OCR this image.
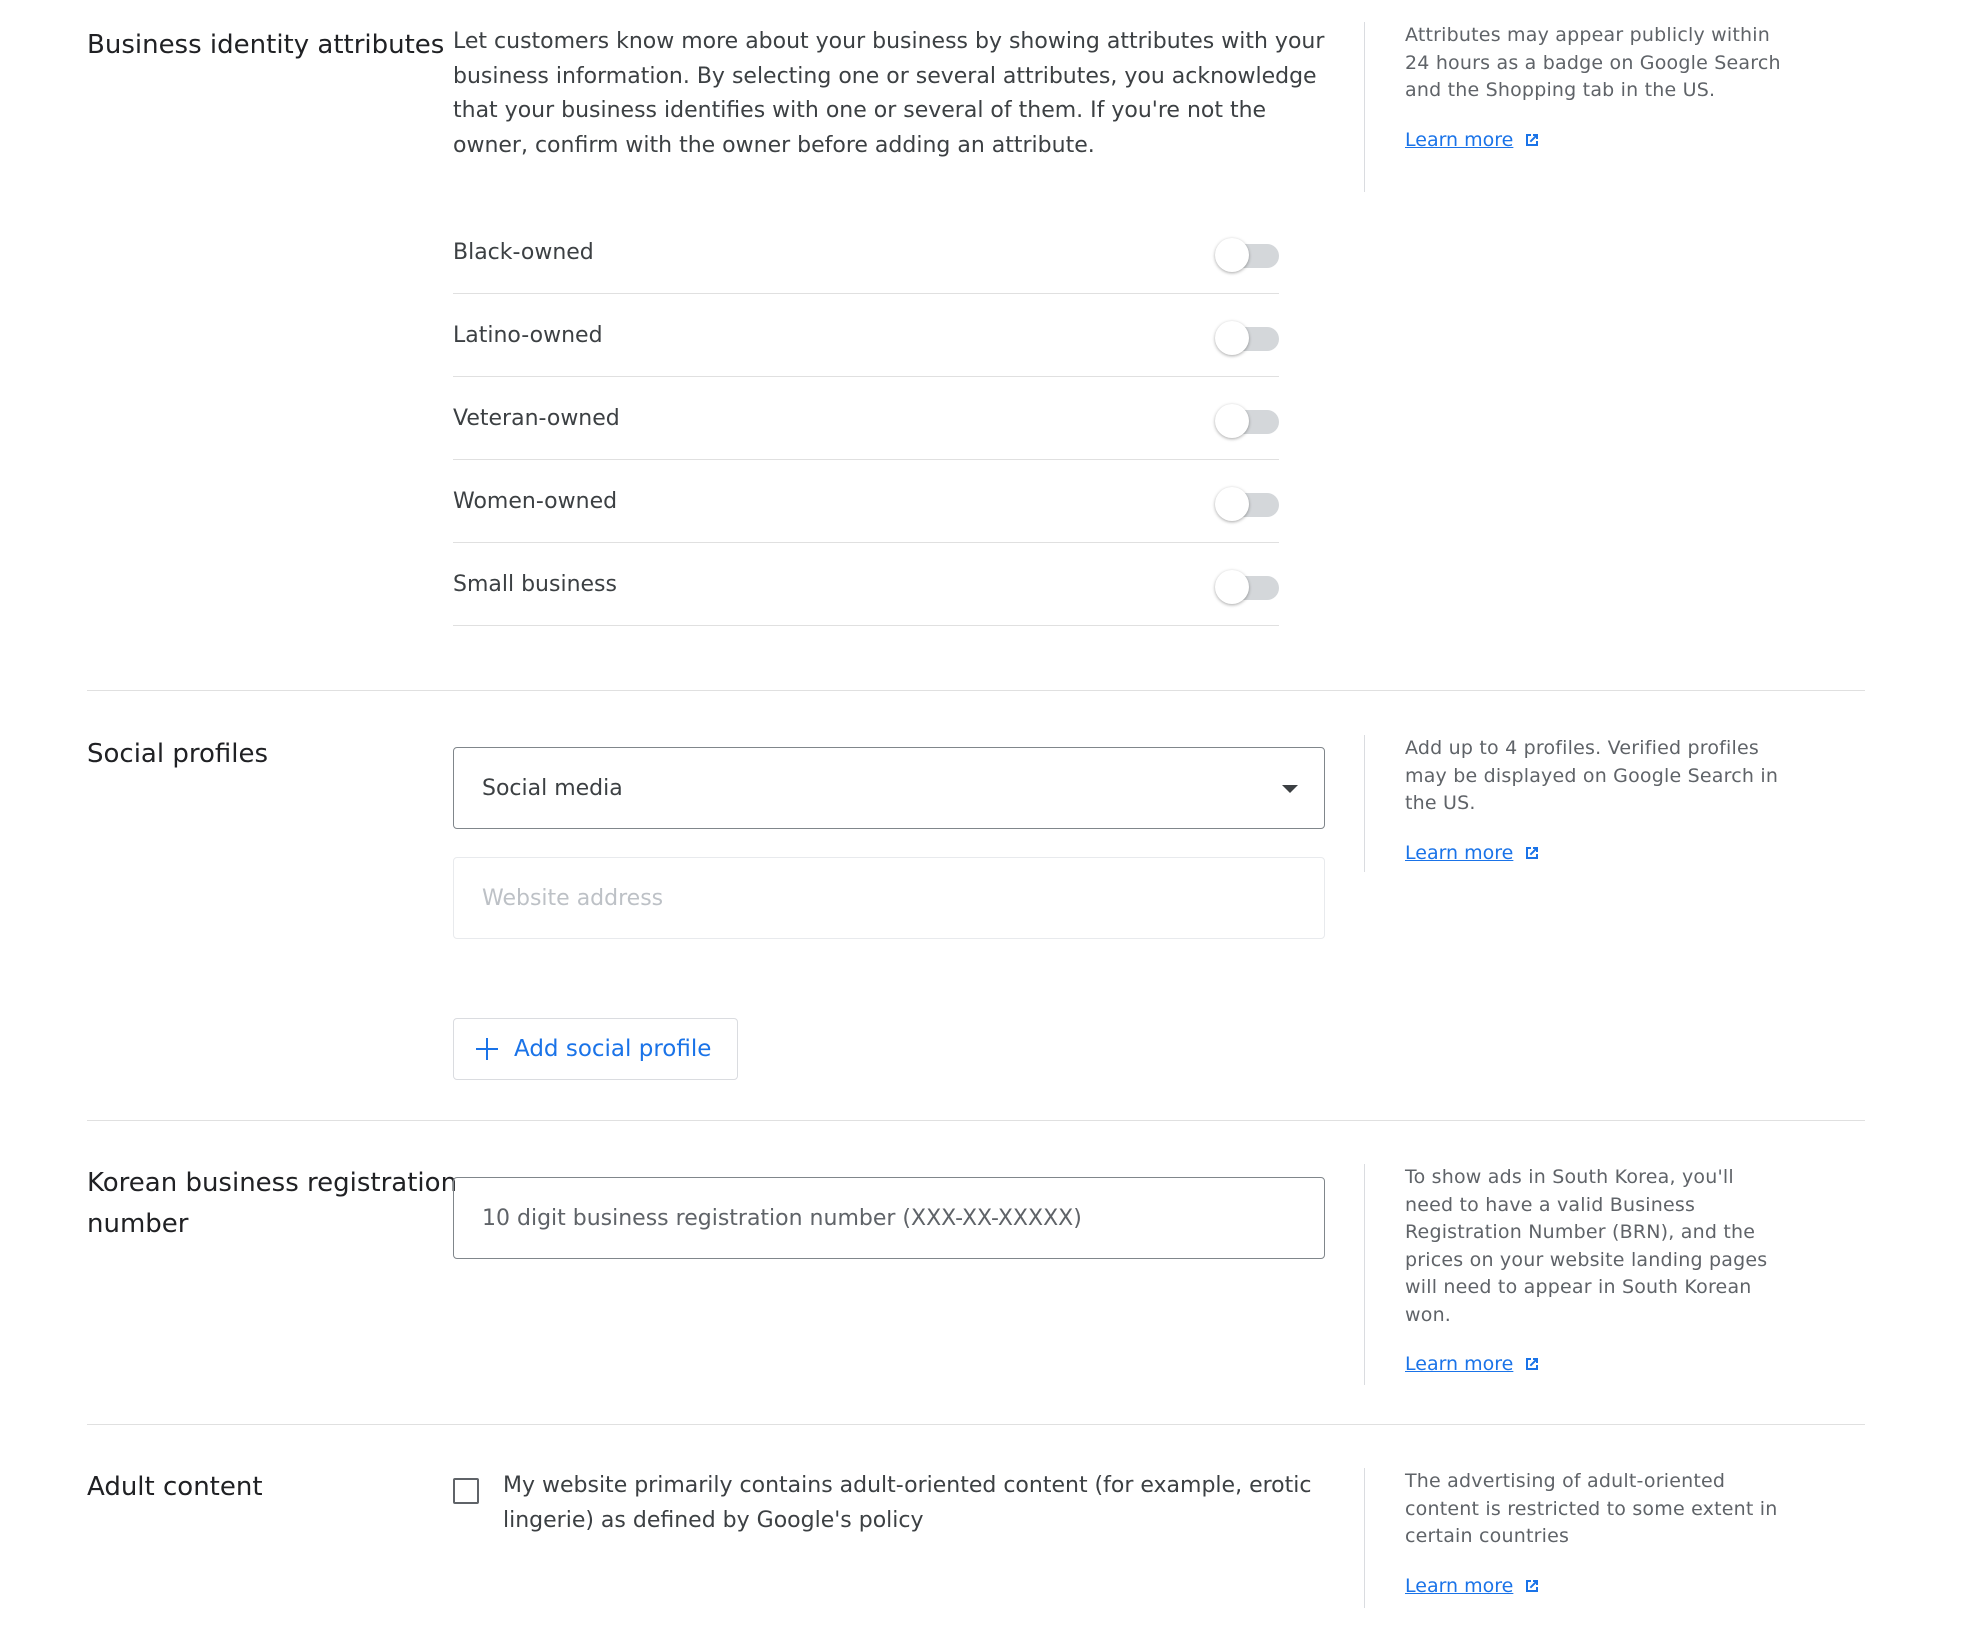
Business identity attributes Let customers know more about your business by showing attributes with your business information. By selecting one or several attributes, you acknowledge that your business identifies with one or several of them. If you're not the owner, confirm with the owner before adding an attribute.

Black-owned
Latino-owned
Veteran-owned
Women-owned
Small business

Attributes may appear publicly within 24 hours as a badge on Google Search and the Shopping tab in the US.

Learn more
Social profiles
Social media
Website address
Add social profile

Add up to 4 profiles. Verified profiles may be displayed on Google Search in the US.

Learn more
Korean business registration number
10 digit business registration number (XXX-XX-XXXXX)

To show ads in South Korea, you'll need to have a valid Business Registration Number (BRN), and the prices on your website landing pages will need to appear in South Korean won.

Learn more
Adult content	My website primarily contains adult-oriented content (for example, erotic lingerie) as defined by Google's policy

The advertising of adult-oriented content is restricted to some extent in certain countries

Learn more
